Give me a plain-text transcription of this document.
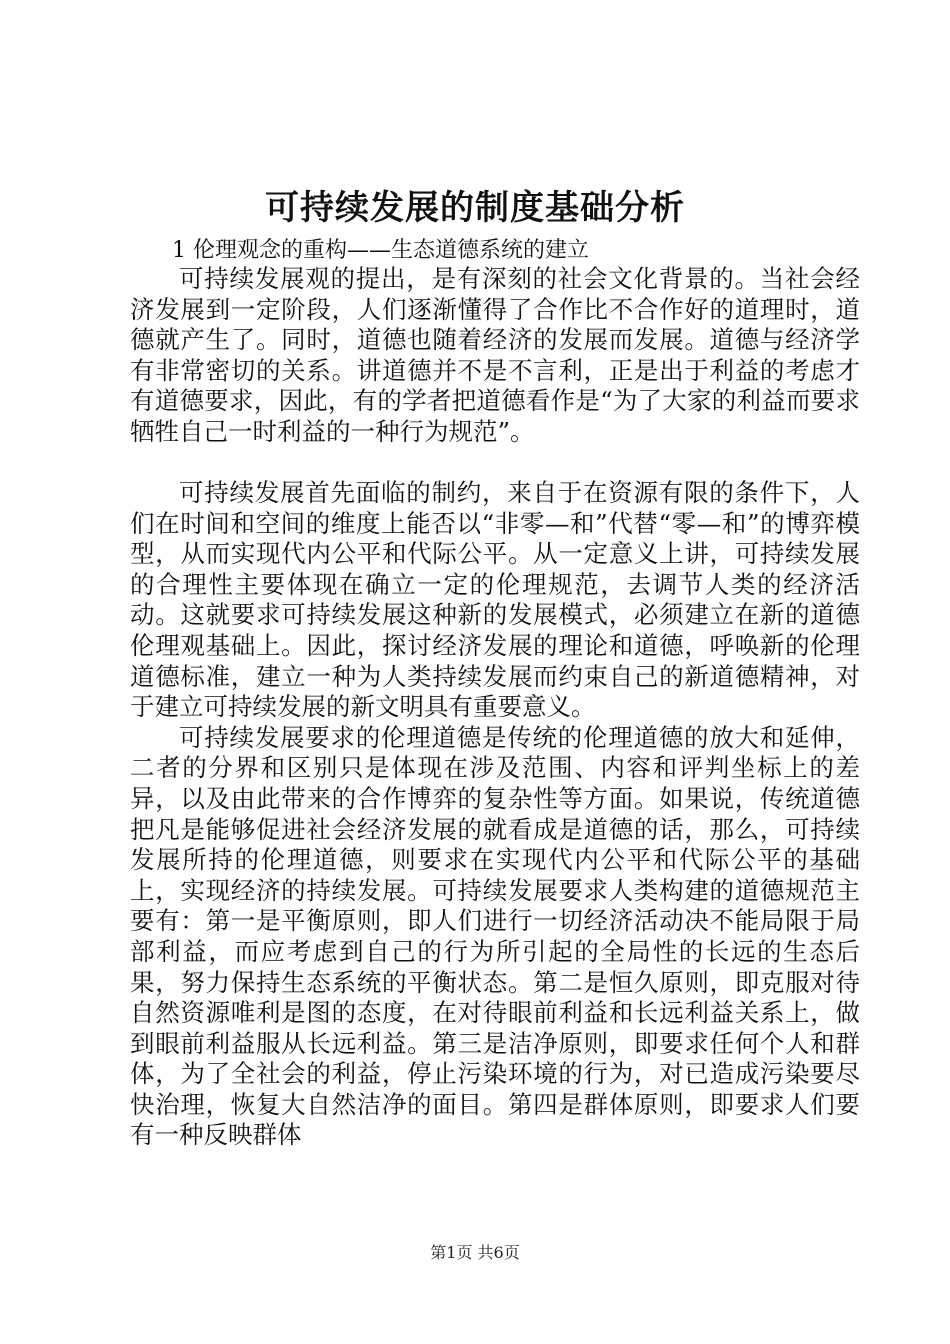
可持续发展的制度基础分析
1 伦理观念的重构——生态道德系统的建立

可持续发展观的提出，是有深刻的社会文化背景的。当社会经济发展到一定阶段，人们逐渐懂得了合作比不合作好的道理时，道德就产生了。同时，道德也随着经济的发展而发展。道德与经济学有非常密切的关系。讲道德并不是不言利，正是出于利益的考虑才有道德要求，因此，有的学者把道德看作是“为了大家的利益而要求牺牲自己一时利益的一种行为规范”。

可持续发展首先面临的制约，来自于在资源有限的条件下，人们在时间和空间的维度上能否以“非零—和”代替“零—和”的博弈模型，从而实现代内公平和代际公平。从一定意义上讲，可持续发展的合理性主要体现在确立一定的伦理规范，去调节人类的经济活动。这就要求可持续发展这种新的发展模式，必须建立在新的道德伦理观基础上。因此，探讨经济发展的理论和道德，呼唤新的伦理道德标准，建立一种为人类持续发展而约束自己的新道德精神，对于建立可持续发展的新文明具有重要意义。

可持续发展要求的伦理道德是传统的伦理道德的放大和延伸，二者的分界和区别只是体现在涉及范围、内容和评判坐标上的差异，以及由此带来的合作博弈的复杂性等方面。如果说，传统道德把凡是能够促进社会经济发展的就看成是道德的话，那么，可持续发展所持的伦理道德，则要求在实现代内公平和代际公平的基础上，实现经济的持续发展。可持续发展要求人类构建的道德规范主要有：第一是平衡原则，即人们进行一切经济活动决不能局限于局部利益，而应考虑到自己的行为所引起的全局性的长远的生态后果，努力保持生态系统的平衡状态。第二是恒久原则，即克服对待自然资源唯利是图的态度，在对待眼前利益和长远利益关系上，做到眼前利益服从长远利益。第三是洁净原则，即要求任何个人和群体，为了全社会的利益，停止污染环境的行为，对已造成污染要尽快治理，恢复大自然洁净的面目。第四是群体原则，即要求人们要有一种反映群体

第1页 共6页
